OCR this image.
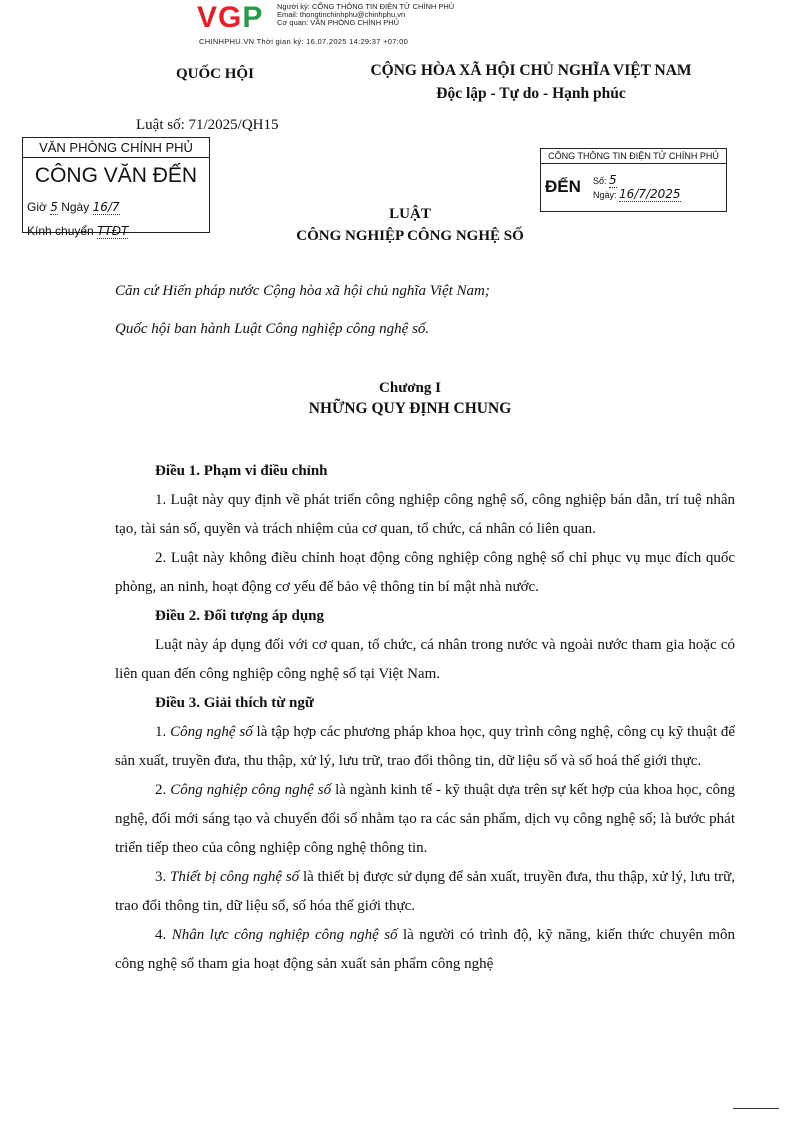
VGP Người ký: CỔNG THÔNG TIN ĐIỆN TỬ CHÍNH PHỦ
Email: thongtinchinhphu@chinhphu.vn
Cơ quan: VĂN PHÒNG CHÍNH PHỦ
CHINHPHU.VN Thời gian ký: 16.07.2025 14:29:37 +07:00
QUỐC HỘI	CỘNG HÒA XÃ HỘI CHỦ NGHĨA VIỆT NAM
Độc lập - Tự do - Hạnh phúc
Luật số: 71/2025/QH15
VĂN PHÒNG CHÍNH PHỦ
CÔNG VĂN ĐẾN
Giờ 5 Ngày 16/7
Kính chuyển TTĐT
CỔNG THÔNG TIN ĐIỆN TỬ CHÍNH PHỦ
ĐẾN Số: 5
Ngày: 16/7/2025
LUẬT
CÔNG NGHIỆP CÔNG NGHỆ SỐ
Căn cứ Hiến pháp nước Cộng hòa xã hội chủ nghĩa Việt Nam;
Quốc hội ban hành Luật Công nghiệp công nghệ số.
Chương I
NHỮNG QUY ĐỊNH CHUNG

Điều 1. Phạm vi điều chỉnh

1. Luật này quy định về phát triển công nghiệp công nghệ số, công nghiệp bán dẫn, trí tuệ nhân tạo, tài sản số, quyền và trách nhiệm của cơ quan, tổ chức, cá nhân có liên quan.

2. Luật này không điều chỉnh hoạt động công nghiệp công nghệ số chỉ phục vụ mục đích quốc phòng, an ninh, hoạt động cơ yếu để bảo vệ thông tin bí mật nhà nước.

Điều 2. Đối tượng áp dụng

Luật này áp dụng đối với cơ quan, tổ chức, cá nhân trong nước và ngoài nước tham gia hoặc có liên quan đến công nghiệp công nghệ số tại Việt Nam.

Điều 3. Giải thích từ ngữ

1. Công nghệ số là tập hợp các phương pháp khoa học, quy trình công nghệ, công cụ kỹ thuật để sản xuất, truyền đưa, thu thập, xử lý, lưu trữ, trao đổi thông tin, dữ liệu số và số hoá thế giới thực.

2. Công nghiệp công nghệ số là ngành kinh tế - kỹ thuật dựa trên sự kết hợp của khoa học, công nghệ, đổi mới sáng tạo và chuyển đổi số nhằm tạo ra các sản phẩm, dịch vụ công nghệ số; là bước phát triển tiếp theo của công nghiệp công nghệ thông tin.

3. Thiết bị công nghệ số là thiết bị được sử dụng để sản xuất, truyền đưa, thu thập, xử lý, lưu trữ, trao đổi thông tin, dữ liệu số, số hóa thế giới thực.

4. Nhân lực công nghiệp công nghệ số là người có trình độ, kỹ năng, kiến thức chuyên môn công nghệ số tham gia hoạt động sản xuất sản phẩm công nghệ
